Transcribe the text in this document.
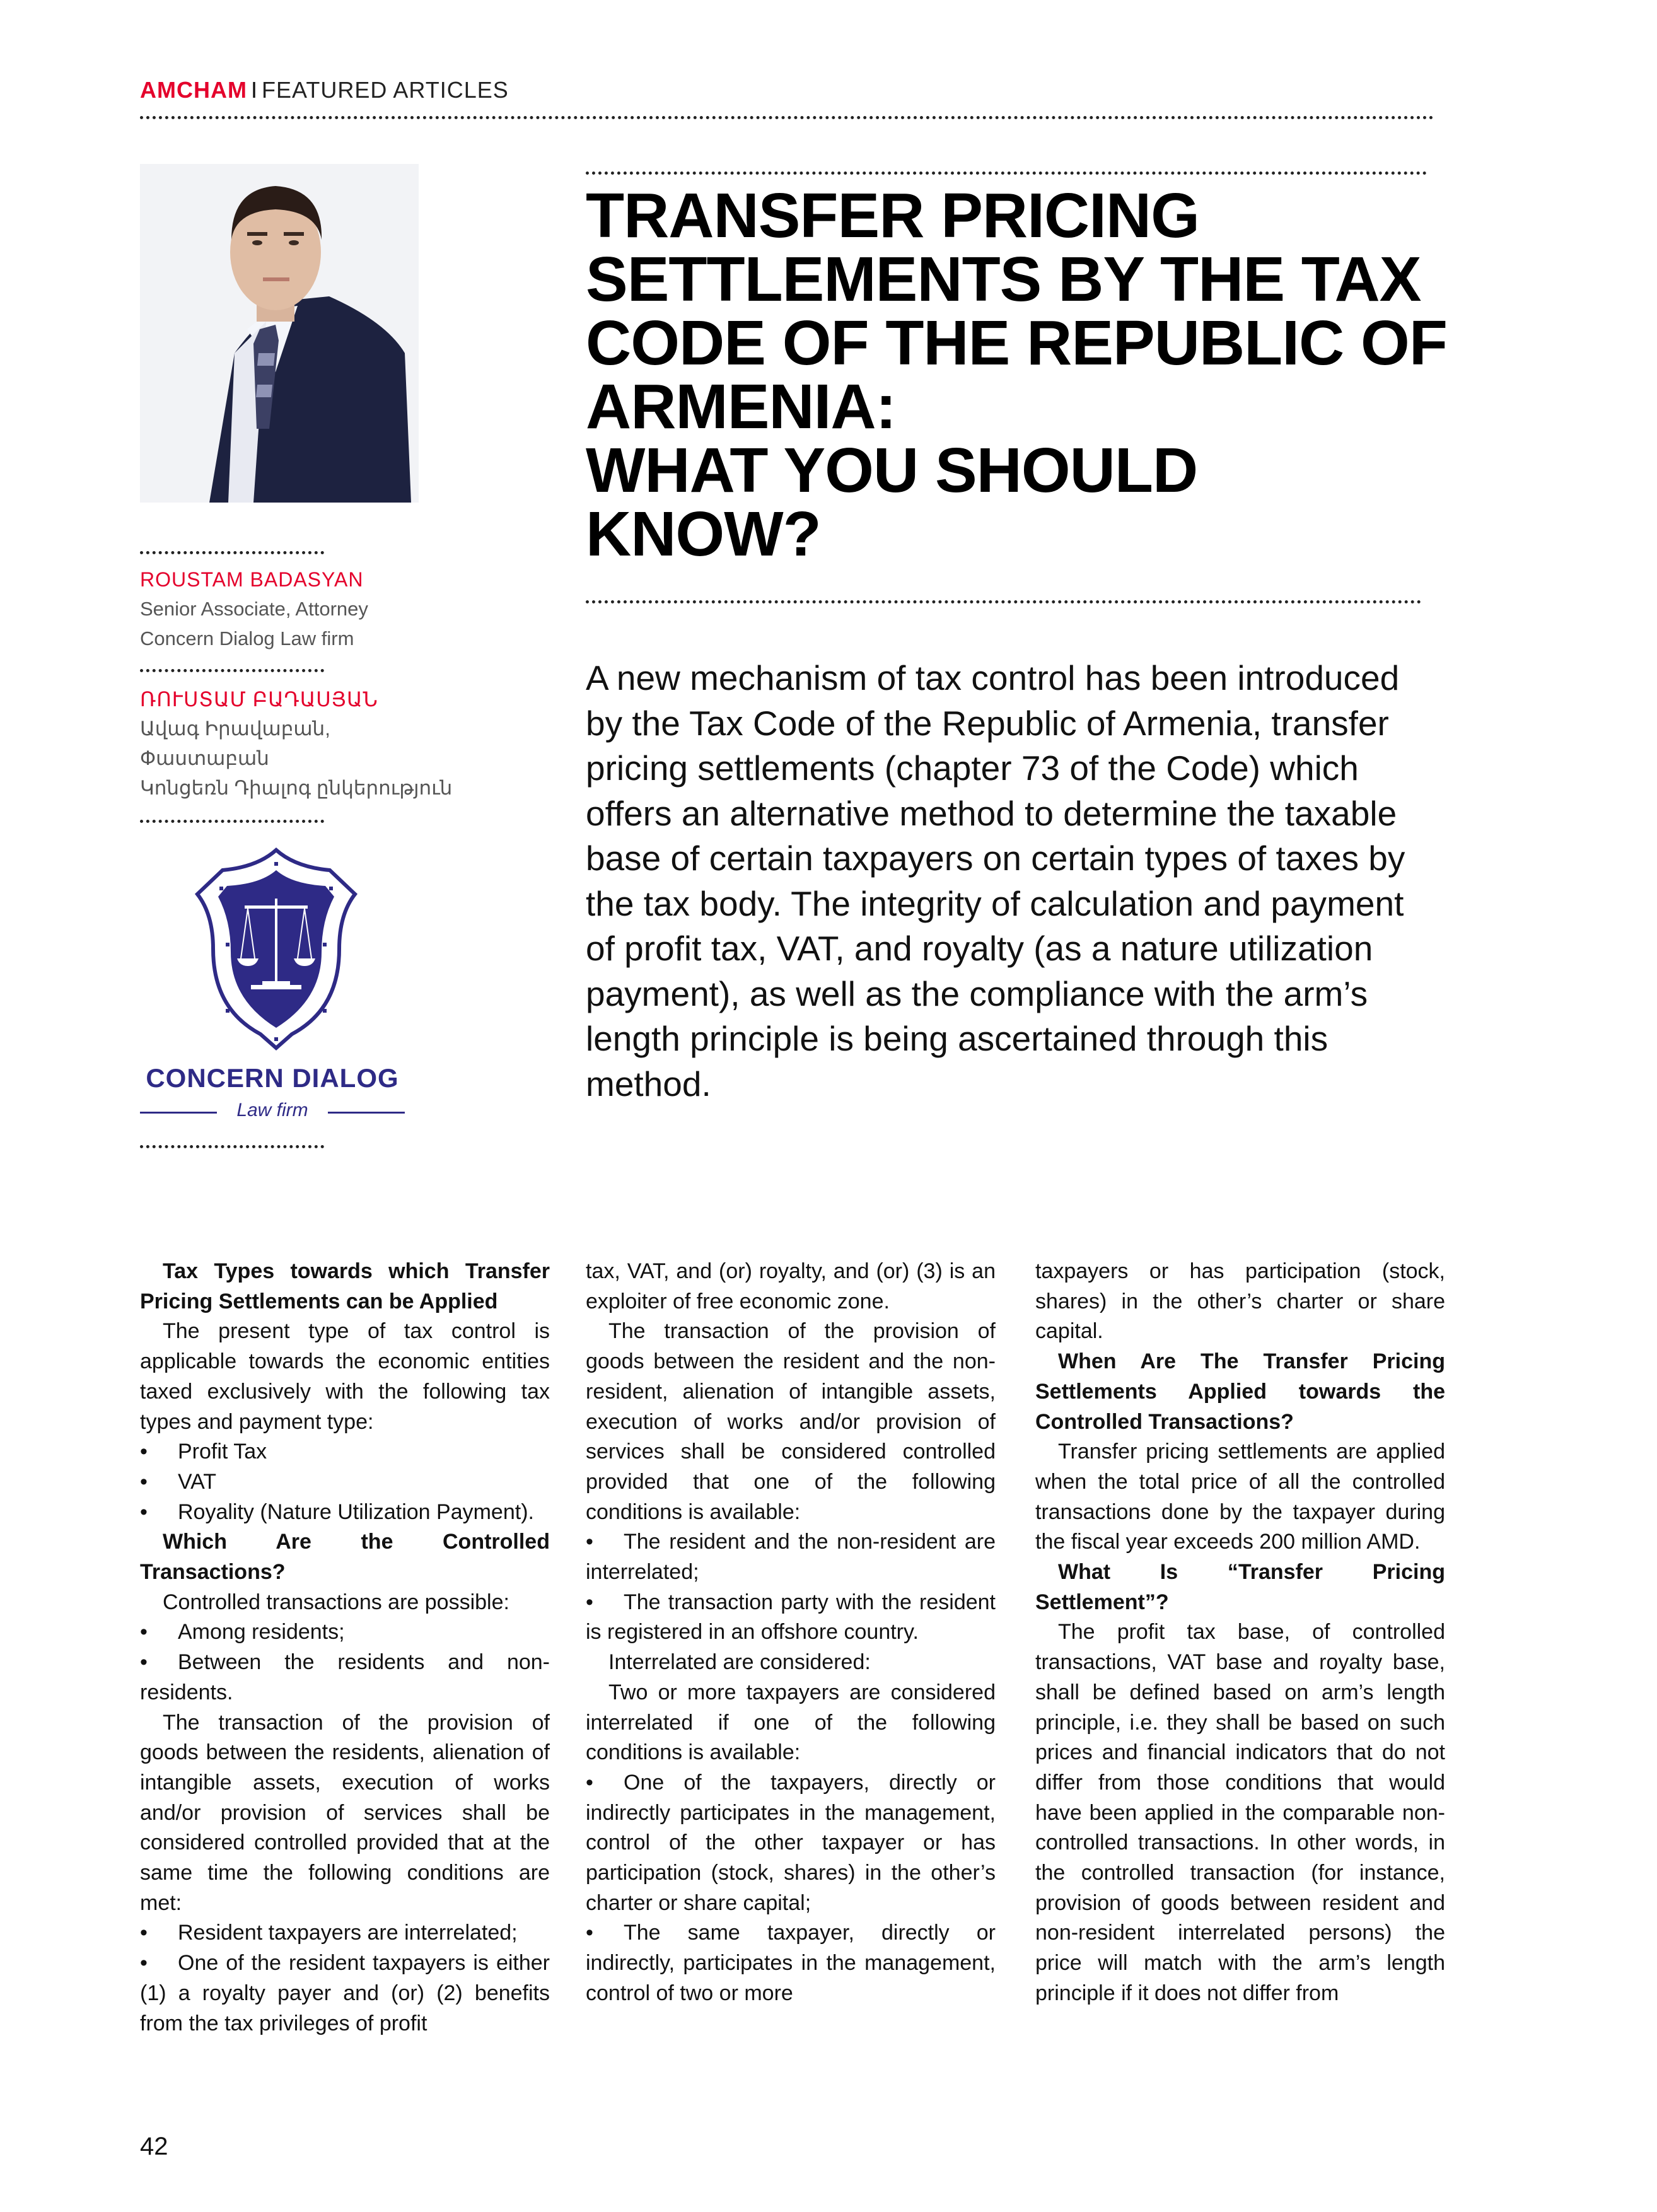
AMCHAM I FEATURED ARTICLES
ROUSTAM BADASYAN
Senior Associate, Attorney
Concern Dialog Law firm
ՌՈՒՍՏԱՄ ԲԱԴԱՍՅԱՆ
Ավագ Իրավաբան,
Փաստաբան
Կոնցեռն Դիալոգ ընկերություն
CONCERN DIALOG
Law firm
TRANSFER PRICING
SETTLEMENTS BY THE TAX
CODE OF THE REPUBLIC OF
ARMENIA:
WHAT YOU SHOULD
KNOW?
A new mechanism of tax control has been introduced
by the Tax Code of the Republic of Armenia, transfer
pricing settlements (chapter 73 of the Code) which
offers an alternative method to determine the taxable
base of certain taxpayers on certain types of taxes by
the tax body. The integrity of calculation and payment
of profit tax, VAT, and royalty (as a nature utilization
payment), as well as the compliance with the arm’s
length principle is being ascertained through this
method.

Tax Types towards which Transfer Pricing Settlements can be Applied

The present type of tax control is applicable towards the economic entities taxed exclusively with the following tax types and payment type:

• Profit Tax

• VAT

• Royality (Nature Utilization Payment).

Which Are the Controlled Transactions?

Controlled transactions are possible:

• Among residents;

• Between the residents and non-residents.

The transaction of the provision of goods between the residents, alienation of intangible assets, execution of works and/or provision of services shall be considered controlled provided that at the same time the following conditions are met:

• Resident taxpayers are interrelated;

• One of the resident taxpayers is either (1) a royalty payer and (or) (2) benefits from the tax privileges of profit

tax, VAT, and (or) royalty, and (or) (3) is an exploiter of free economic zone.

The transaction of the provision of goods between the resident and the non-resident, alienation of intangible assets, execution of works and/or provision of services shall be considered controlled provided that one of the following conditions is available:

• The resident and the non-resident are interrelated;

• The transaction party with the resident is registered in an offshore country.

Interrelated are considered:

Two or more taxpayers are considered interrelated if one of the following conditions is available:

• One of the taxpayers, directly or indirectly participates in the management, control of the other taxpayer or has participation (stock, shares) in the other’s charter or share capital;

• The same taxpayer, directly or indirectly, participates in the management, control of two or more

taxpayers or has participation (stock, shares) in the other’s charter or share capital.

When Are The Transfer Pricing Settlements Applied towards the Controlled Transactions?

Transfer pricing settlements are applied when the total price of all the controlled transactions done by the taxpayer during the fiscal year exceeds 200 million AMD.

What Is “Transfer Pricing Settlement”?

The profit tax base, of controlled transactions, VAT base and royalty base, shall be defined based on arm’s length principle, i.e. they shall be based on such prices and financial indicators that do not differ from those conditions that would have been applied in the comparable non-controlled transactions. In other words, in the controlled transaction (for instance, provision of goods between resident and non-resident interrelated persons) the price will match with the arm’s length principle if it does not differ from

42
